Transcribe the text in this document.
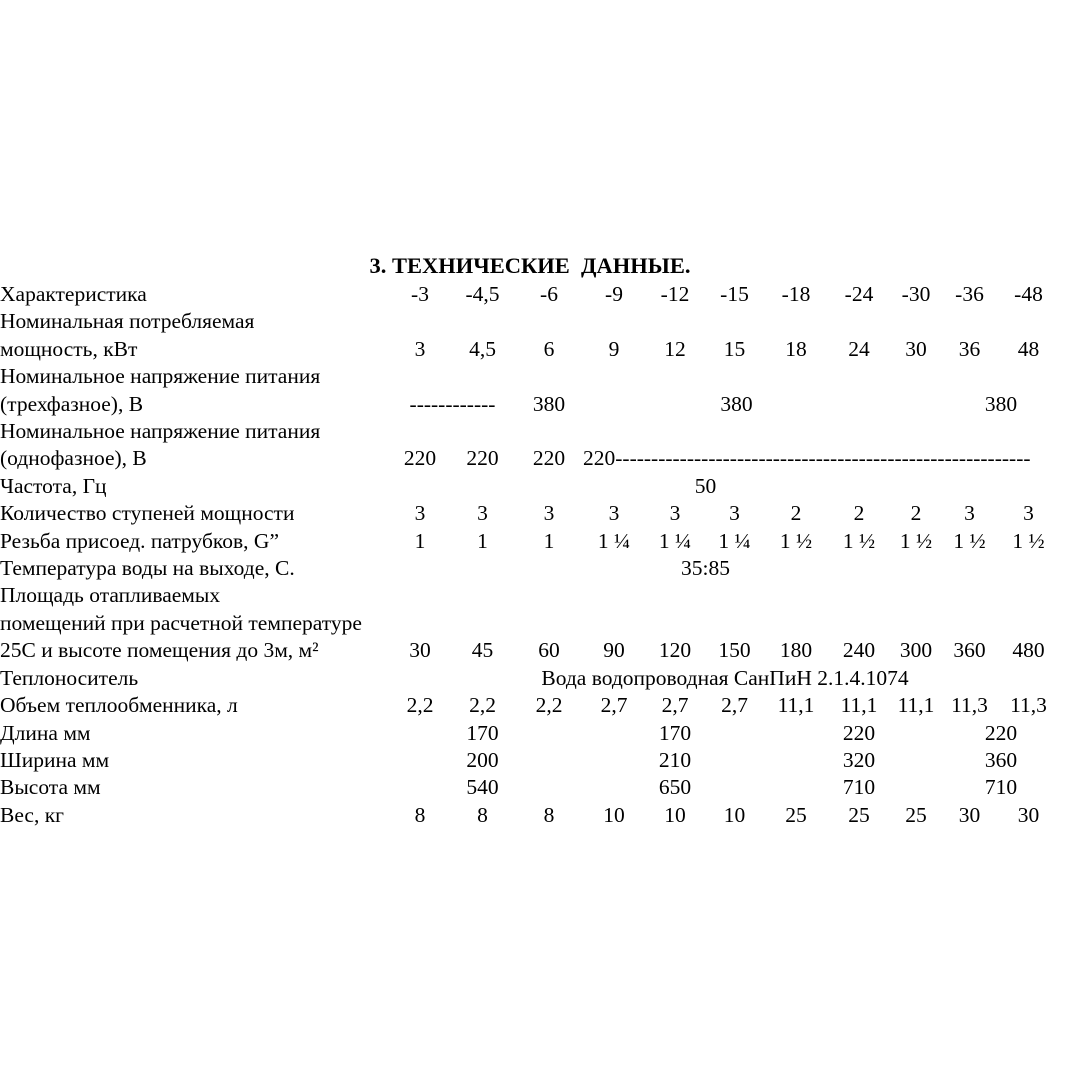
3. ТЕХНИЧЕСКИЕ  ДАННЫЕ.
Характеристика	-3	-4,5	-6	-9	-12	-15	-18	-24	-30	-36	-48

Номинальная потребляемая
мощность, кВт	3	4,5	6	9	12	15	18	24	30	36	48

Номинальное напряжение питания
(трехфазное), В	------------		380	380						380	

Номинальное напряжение питания
(однофазное), В	220	220	220	220----------------------------------------------------------							
Частота, Гц				50							
Количество ступеней мощности	3	3	3	3	3	3	2	2	2	3	3
Резьба присоед. патрубков, G”	1	1	1	1 ¼	1 ¼	1 ¼	1 ½	1 ½	1 ½	1 ½	1 ½
Температура воды на выходе, С.				35:85							

Площадь отапливаемых
помещений при расчетной температуре
25С и высоте помещения до 3м, м²	30	45	60	90	120	150	180	240	300	360	480
Теплоноситель	Вода водопроводная СанПиН 2.1.4.1074										
Объем теплообменника, л	2,2	2,2	2,2	2,7	2,7	2,7	11,1	11,1	11,1	11,3	11,3
Длина мм		170			170			220		220	
Ширина мм		200			210			320		360	
Высота мм		540			650			710		710	
Вес, кг	8	8	8	10	10	10	25	25	25	30	30
